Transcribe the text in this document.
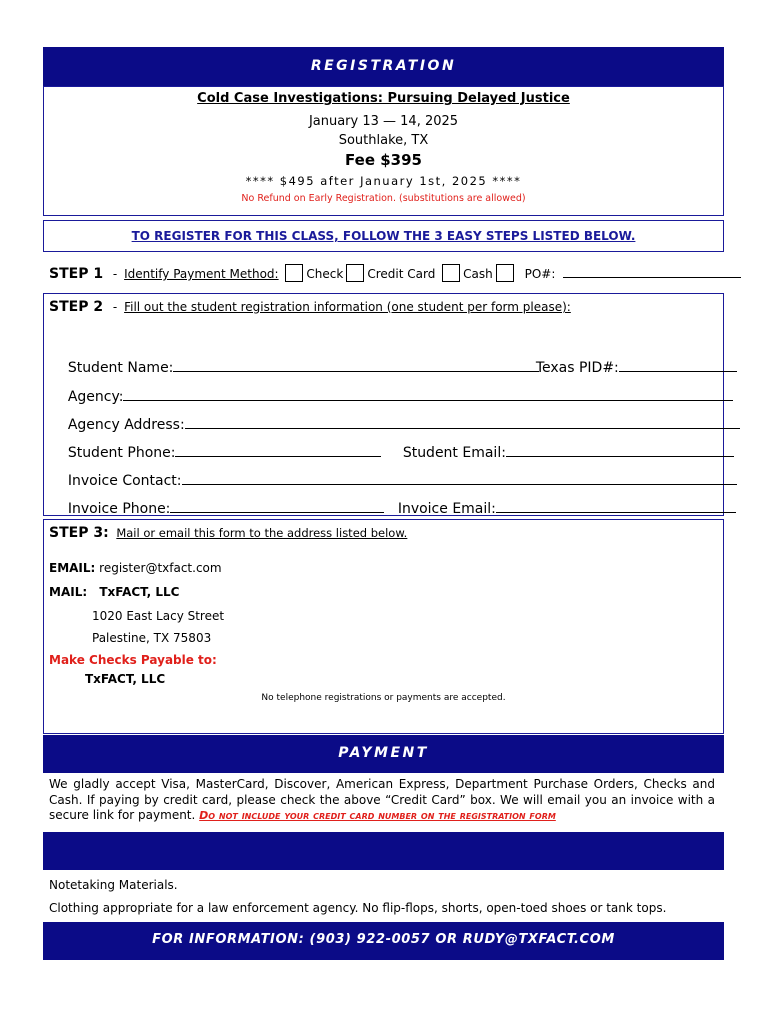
REGISTRATION
Cold Case Investigations: Pursuing Delayed Justice
January 13 — 14, 2025
Southlake, TX
Fee $395
**** $495 after January 1st, 2025 ****
No Refund on Early Registration. (substitutions are allowed)
TO REGISTER FOR THIS CLASS, FOLLOW THE 3 EASY STEPS LISTED BELOW.
STEP 1 - Identify Payment Method: Check Credit Card Cash	PO#:
STEP 2 - Fill out the student registration information (one student per form please):

Student Name:
	Texas PID#:

Agency:

Agency Address:

Student Phone:
	Student Email:

Invoice Contact:

Invoice Phone:
	Invoice Email:

STEP 3: Mail or email this form to the address listed below.
EMAIL: register@txfact.com
MAIL: TxFACT, LLC
1020 East Lacy Street
Palestine, TX 75803
Make Checks Payable to:
TxFACT, LLC
No telephone registrations or payments are accepted.
PAYMENT
We gladly accept Visa, MasterCard, Discover, American Express, Department Purchase Orders, Checks and Cash. If paying by credit card, please check the above “Credit Card” box. We will email you an invoice with a secure link for payment. Do not include your credit card number on the registration form

REQUIRED EQUIPMENT   &   DRESS CODE

Notetaking Materials.
Clothing appropriate for a law enforcement agency. No flip-flops, shorts, open-toed shoes or tank tops.
FOR INFORMATION: (903) 922-0057 OR RUDY@TXFACT.COM
